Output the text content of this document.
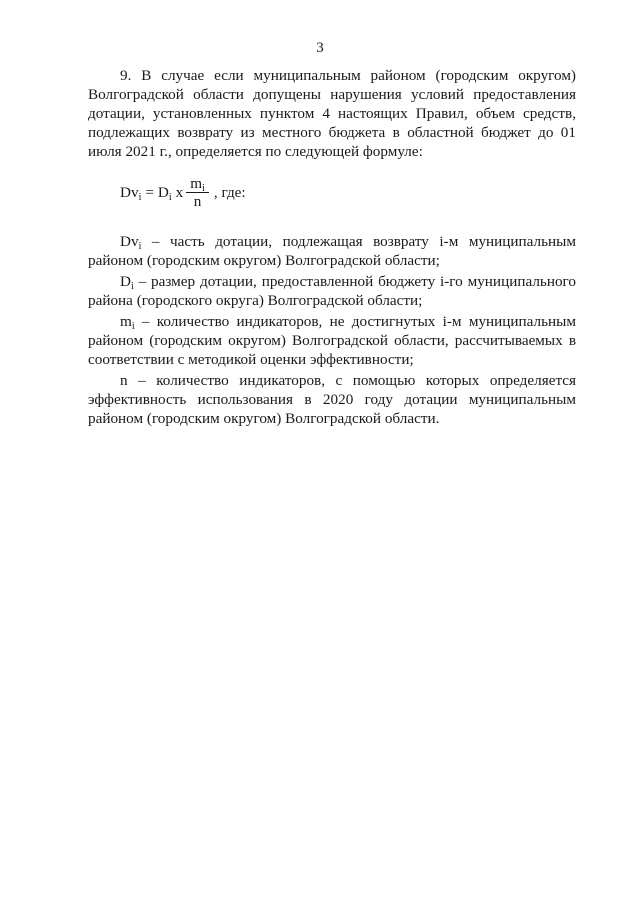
3

9. В случае если муниципальным районом (городским округом) Волгоградской области допущены нарушения условий предоставления дотации, установленных пунктом 4 настоящих Правил, объем средств, подлежащих возврату из местного бюджета в областной бюджет до 01 июля 2021 г., определяется по следующей формуле:

$Dv_i = D_i$ x $\frac{m_i}{n}$ , где:

$Dv_i$ – часть дотации, подлежащая возврату i-м муниципальным районом (городским округом) Волгоградской области;

$D_i$ – размер дотации, предоставленной бюджету i-го муниципального района (городского округа) Волгоградской области;

$m_i$ – количество индикаторов, не достигнутых i-м муниципальным районом (городским округом) Волгоградской области, рассчитываемых в соответствии с методикой оценки эффективности;

n – количество индикаторов, с помощью которых определяется эффективность использования в 2020 году дотации муниципальным районом (городским округом) Волгоградской области.
